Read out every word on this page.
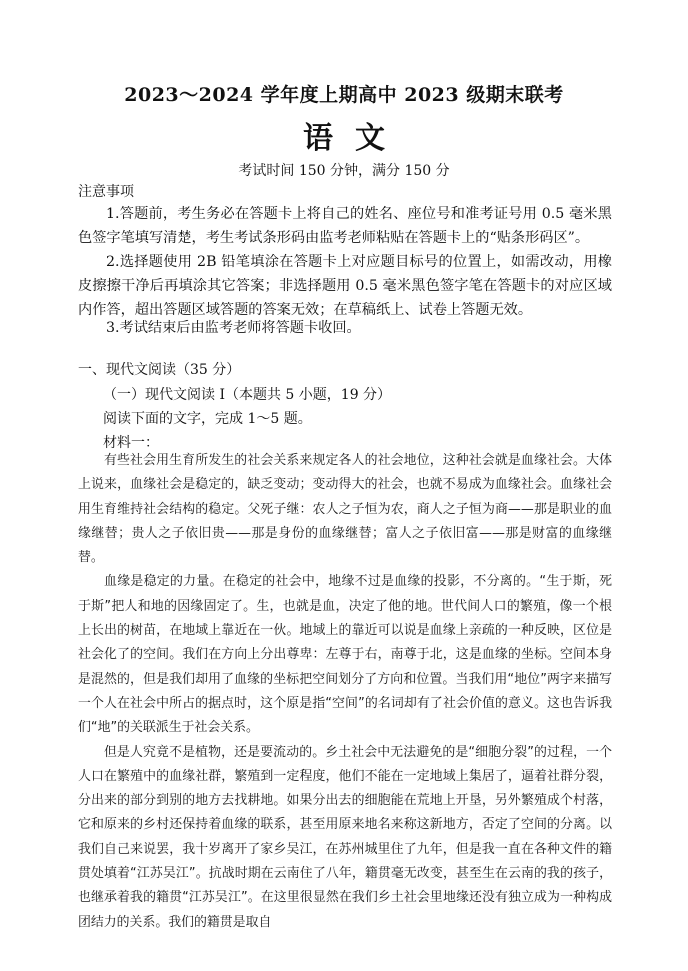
2023～2024 学年度上期高中 2023 级期末联考
语文
考试时间 150 分钟，满分 150 分
注意事项
1.答题前，考生务必在答题卡上将自己的姓名、座位号和准考证号用 0.5 毫米黑色签字笔填写清楚，考生考试条形码由监考老师粘贴在答题卡上的“贴条形码区”。
2.选择题使用 2B 铅笔填涂在答题卡上对应题目标号的位置上，如需改动，用橡皮擦擦干净后再填涂其它答案；非选择题用 0.5 毫米黑色签字笔在答题卡的对应区域内作答，超出答题区域答题的答案无效；在草稿纸上、试卷上答题无效。
3.考试结束后由监考老师将答题卡收回。
一、现代文阅读（35 分）
（一）现代文阅读 I（本题共 5 小题，19 分）
阅读下面的文字，完成 1～5 题。
材料一：

有些社会用生育所发生的社会关系来规定各人的社会地位，这种社会就是血缘社会。大体上说来，血缘社会是稳定的，缺乏变动；变动得大的社会，也就不易成为血缘社会。血缘社会用生育维持社会结构的稳定。父死子继：农人之子恒为农，商人之子恒为商——那是职业的血缘继替；贵人之子依旧贵——那是身份的血缘继替；富人之子依旧富——那是财富的血缘继替。

血缘是稳定的力量。在稳定的社会中，地缘不过是血缘的投影，不分离的。“生于斯，死于斯”把人和地的因缘固定了。生，也就是血，决定了他的地。世代间人口的繁殖，像一个根上长出的树苗，在地域上靠近在一伙。地域上的靠近可以说是血缘上亲疏的一种反映，区位是社会化了的空间。我们在方向上分出尊卑：左尊于右，南尊于北，这是血缘的坐标。空间本身是混然的，但是我们却用了血缘的坐标把空间划分了方向和位置。当我们用“地位”两字来描写一个人在社会中所占的据点时，这个原是指“空间”的名词却有了社会价值的意义。这也告诉我们“地”的关联派生于社会关系。

但是人究竟不是植物，还是要流动的。乡土社会中无法避免的是“细胞分裂”的过程，一个人口在繁殖中的血缘社群，繁殖到一定程度，他们不能在一定地域上集居了，逼着社群分裂，分出来的部分到别的地方去找耕地。如果分出去的细胞能在荒地上开垦，另外繁殖成个村落，它和原来的乡村还保持着血缘的联系，甚至用原来地名来称这新地方，否定了空间的分离。以我们自己来说罢，我十岁离开了家乡吴江，在苏州城里住了九年，但是我一直在各种文件的籍贯处填着“江苏吴江”。抗战时期在云南住了八年，籍贯毫无改变，甚至生在云南的我的孩子，也继承着我的籍贯“江苏吴江”。在这里很显然在我们乡土社会里地缘还没有独立成为一种构成团结力的关系。我们的籍贯是取自
